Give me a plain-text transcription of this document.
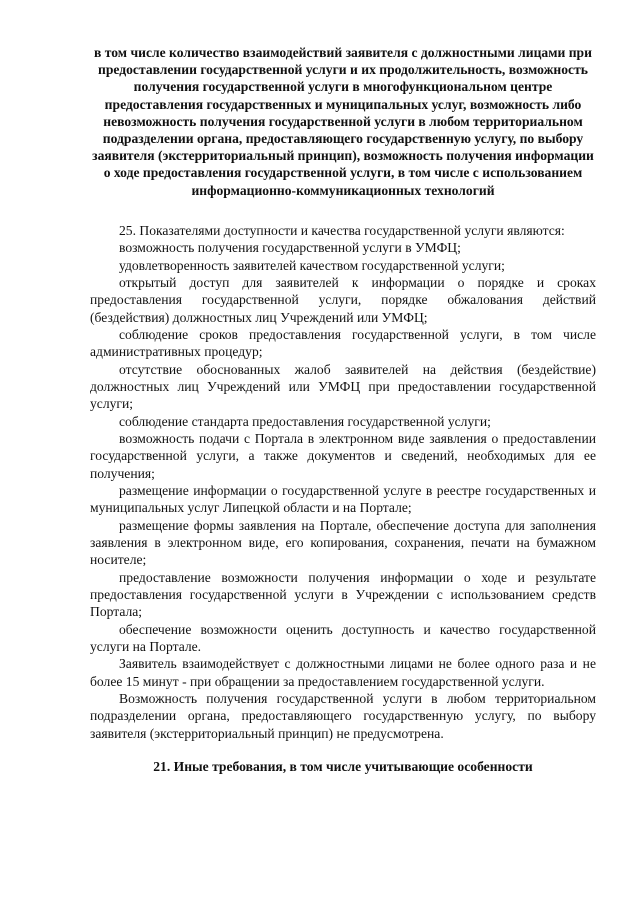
в том числе количество взаимодействий заявителя с должностными лицами при предоставлении государственной услуги и их продолжительность, возможность получения государственной услуги в многофункциональном центре предоставления государственных и муниципальных услуг, возможность либо невозможность получения государственной услуги в любом территориальном подразделении органа, предоставляющего государственную услугу, по выбору заявителя (экстерриториальный принцип), возможность получения информации о ходе предоставления государственной услуги, в том числе с использованием информационно-коммуникационных технологий

25. Показателями доступности и качества государственной услуги являются:

возможность получения государственной услуги в УМФЦ;

удовлетворенность заявителей качеством государственной услуги;

открытый доступ для заявителей к информации о порядке и сроках предоставления государственной услуги, порядке обжалования действий (бездействия) должностных лиц Учреждений или УМФЦ;

соблюдение сроков предоставления государственной услуги, в том числе административных процедур;

отсутствие обоснованных жалоб заявителей на действия (бездействие) должностных лиц Учреждений или УМФЦ при предоставлении государственной услуги;

соблюдение стандарта предоставления государственной услуги;

возможность подачи с Портала в электронном виде заявления о предоставлении государственной услуги, а также документов и сведений, необходимых для ее получения;

размещение информации о государственной услуге в реестре государственных и муниципальных услуг Липецкой области и на Портале;

размещение формы заявления на Портале, обеспечение доступа для заполнения заявления в электронном виде, его копирования, сохранения, печати на бумажном носителе;

предоставление возможности получения информации о ходе и результате предоставления государственной услуги в Учреждении с использованием средств Портала;

обеспечение возможности оценить доступность и качество государственной услуги на Портале.

Заявитель взаимодействует с должностными лицами не более одного раза и не более 15 минут - при обращении за предоставлением государственной услуги.

Возможность получения государственной услуги в любом территориальном подразделении органа, предоставляющего государственную услугу, по выбору заявителя (экстерриториальный принцип) не предусмотрена.

21. Иные требования, в том числе учитывающие особенности
